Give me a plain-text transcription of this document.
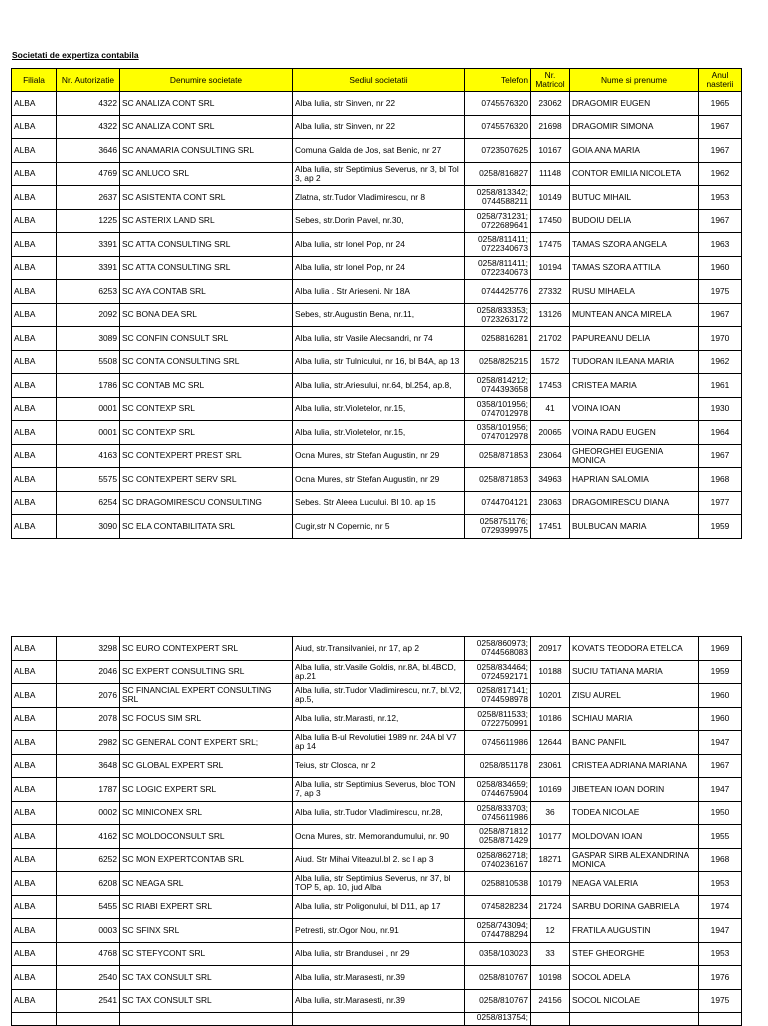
Societati de expertiza contabila
Filiala	Nr. Autorizatie	Denumire societate	Sediul societatii	Telefon	Nr. Matricol	Nume si prenume	Anul nasterii
ALBA	4322	SC ANALIZA CONT SRL	Alba Iulia, str Sinven, nr 22	0745576320	23062	DRAGOMIR EUGEN	1965
ALBA	4322	SC ANALIZA CONT SRL	Alba Iulia, str Sinven, nr 22	0745576320	21698	DRAGOMIR SIMONA	1967
ALBA	3646	SC ANAMARIA CONSULTING SRL	Comuna Galda de Jos, sat Benic, nr 27	0723507625	10167	GOIA ANA MARIA	1967
ALBA	4769	SC ANLUCO SRL	Alba Iulia, str Septimius Severus, nr 3, bl Tol 3, ap 2	0258/816827	11148	CONTOR EMILIA NICOLETA	1962
ALBA	2637	SC ASISTENTA CONT SRL	Zlatna, str.Tudor Vladimirescu, nr 8	0258/813342; 0744588211	10149	BUTUC MIHAIL	1953
ALBA	1225	SC ASTERIX LAND SRL	Sebes, str.Dorin Pavel, nr.30,	0258/731231; 0722689641	17450	BUDOIU DELIA	1967
ALBA	3391	SC ATTA CONSULTING SRL	Alba Iulia, str Ionel Pop, nr 24	0258/811411; 0722340673	17475	TAMAS SZORA ANGELA	1963
ALBA	3391	SC ATTA CONSULTING SRL	Alba Iulia, str Ionel Pop, nr 24	0258/811411; 0722340673	10194	TAMAS SZORA ATTILA	1960
ALBA	6253	SC AYA CONTAB SRL	Alba Iulia . Str Arieseni. Nr 18A	0744425776	27332	RUSU MIHAELA	1975
ALBA	2092	SC BONA DEA SRL	Sebes, str.Augustin Bena, nr.11,	0258/833353; 0723263172	13126	MUNTEAN ANCA MIRELA	1967
ALBA	3089	SC CONFIN CONSULT SRL	Alba Iulia, str Vasile Alecsandri, nr 74	0258816281	21702	PAPUREANU DELIA	1970
ALBA	5508	SC CONTA CONSULTING SRL	Alba Iulia, str Tulnicului, nr 16, bl B4A, ap 13	0258/825215	1572	TUDORAN ILEANA MARIA	1962
ALBA	1786	SC CONTAB MC SRL	Alba Iulia, str.Ariesului, nr.64, bl.254, ap.8,	0258/814212; 0744393658	17453	CRISTEA MARIA	1961
ALBA	0001	SC CONTEXP SRL	Alba Iulia, str.Violetelor, nr.15,	0358/101956; 0747012978	41	VOINA IOAN	1930
ALBA	0001	SC CONTEXP SRL	Alba Iulia, str.Violetelor, nr.15,	0358/101956; 0747012978	20065	VOINA RADU EUGEN	1964
ALBA	4163	SC CONTEXPERT PREST SRL	Ocna Mures, str Stefan Augustin, nr 29	0258/871853	23064	GHEORGHEI EUGENIA MONICA	1967
ALBA	5575	SC CONTEXPERT SERV SRL	Ocna Mures, str Stefan Augustin, nr 29	0258/871853	34963	HAPRIAN SALOMIA	1968
ALBA	6254	SC DRAGOMIRESCU CONSULTING	Sebes. Str Aleea Lucului. Bl 10. ap 15	0744704121	23063	DRAGOMIRESCU DIANA	1977
ALBA	3090	SC ELA CONTABILITATA SRL	Cugir,str N Copernic, nr 5	0258751176; 0729399975	17451	BULBUCAN MARIA	1959
ALBA	3298	SC EURO CONTEXPERT SRL	Aiud, str.Transilvaniei, nr 17, ap 2	0258/860973; 0744568083	20917	KOVATS TEODORA ETELCA	1969
ALBA	2046	SC EXPERT CONSULTING SRL	Alba Iulia, str.Vasile Goldis, nr.8A, bl.4BCD, ap.21	0258/834464; 0724592171	10188	SUCIU TATIANA MARIA	1959
ALBA	2076	SC FINANCIAL EXPERT CONSULTING SRL	Alba Iulia, str.Tudor Vladimirescu, nr.7, bl.V2, ap.5,	0258/817141; 0744598978	10201	ZISU AUREL	1960
ALBA	2078	SC FOCUS SIM SRL	Alba Iulia, str.Marasti, nr.12,	0258/811533; 0722750991	10186	SCHIAU MARIA	1960
ALBA	2982	SC GENERAL CONT EXPERT SRL;	Alba Iulia B-ul Revolutiei 1989 nr. 24A bl V7 ap 14	0745611986	12644	BANC PANFIL	1947
ALBA	3648	SC GLOBAL EXPERT SRL	Teius, str Closca, nr 2	0258/851178	23061	CRISTEA ADRIANA MARIANA	1967
ALBA	1787	SC LOGIC EXPERT SRL	Alba Iulia, str Septimius Severus, bloc TON 7, ap 3	0258/834659; 0744675904	10169	JIBETEAN IOAN DORIN	1947
ALBA	0002	SC MINICONEX SRL	Alba Iulia, str.Tudor Vladimirescu, nr.28,	0258/833703; 0745611986	36	TODEA NICOLAE	1950
ALBA	4162	SC MOLDOCONSULT SRL	Ocna Mures, str. Memorandumului, nr. 90	0258/871812 0258/871429	10177	MOLDOVAN IOAN	1955
ALBA	6252	SC MON EXPERTCONTAB SRL	Aiud. Str Mihai Viteazul.bl 2. sc I ap 3	0258/862718; 0740236167	18271	GASPAR SIRB ALEXANDRINA MONICA	1968
ALBA	6208	SC NEAGA SRL	Alba Iulia, str Septimius Severus, nr 37, bl TOP 5, ap. 10, jud Alba	0258810538	10179	NEAGA VALERIA	1953
ALBA	5455	SC RIABI EXPERT SRL	Alba Iulia, str Poligonului, bl D11, ap 17	0745828234	21724	SARBU DORINA GABRIELA	1974
ALBA	0003	SC SFINX SRL	Petresti, str.Ogor Nou, nr.91	0258/743094; 0744788294	12	FRATILA AUGUSTIN	1947
ALBA	4768	SC STEFYCONT SRL	Alba Iulia, str Brandusei , nr 29	0358/103023	33	STEF GHEORGHE	1953
ALBA	2540	SC TAX CONSULT SRL	Alba Iulia, str.Marasesti, nr.39	0258/810767	10198	SOCOL ADELA	1976
ALBA	2541	SC TAX CONSULT SRL	Alba Iulia, str.Marasesti, nr.39	0258/810767	24156	SOCOL NICOLAE	1975
				0258/813754;			
